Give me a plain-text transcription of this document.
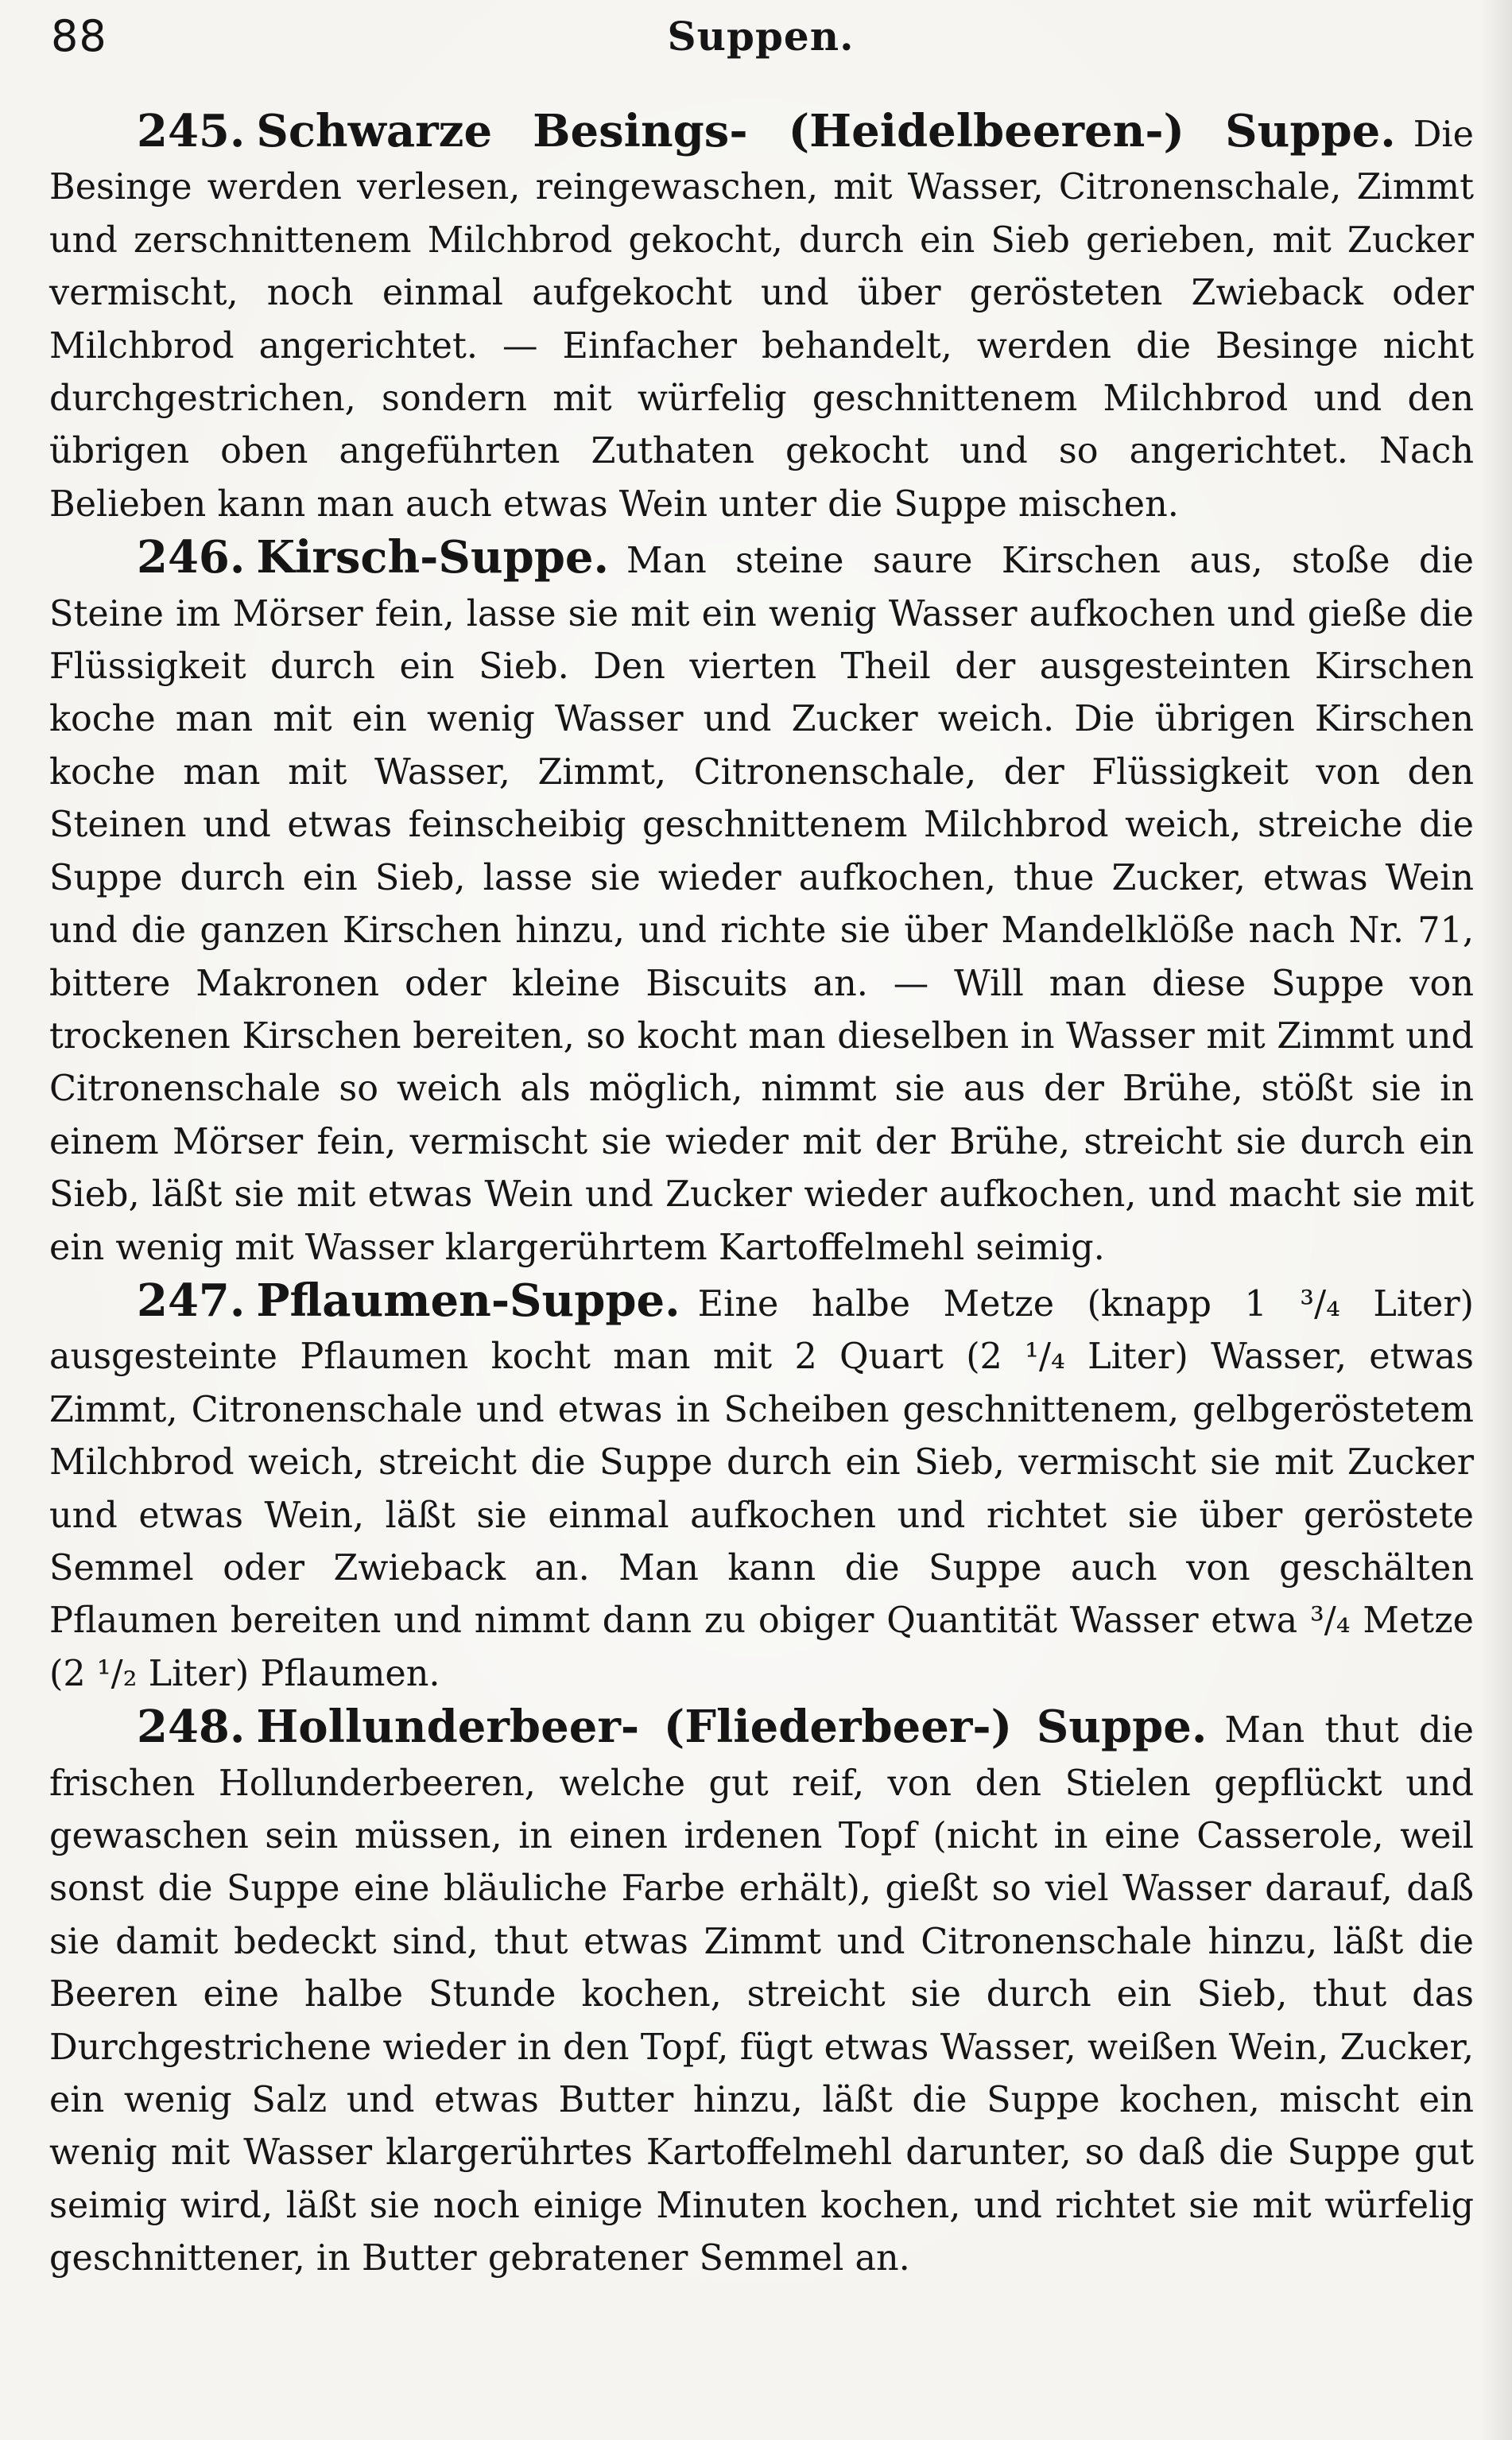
88	Suppen.

245. Schwarze Besings- (Heidelbeeren-) Suppe. Die Besinge werden verlesen, reingewaschen, mit Wasser, Citronenschale, Zimmt und zerschnittenem Milchbrod gekocht, durch ein Sieb gerieben, mit Zucker vermischt, noch einmal aufgekocht und über gerösteten Zwieback oder Milchbrod angerichtet. — Einfacher behandelt, werden die Besinge nicht durchgestrichen, sondern mit würfelig geschnittenem Milchbrod und den übrigen oben angeführten Zuthaten gekocht und so angerichtet. Nach Belieben kann man auch etwas Wein unter die Suppe mischen.

246. Kirsch-Suppe. Man steine saure Kirschen aus, stoße die Steine im Mörser fein, lasse sie mit ein wenig Wasser aufkochen und gieße die Flüssigkeit durch ein Sieb. Den vierten Theil der ausgesteinten Kirschen koche man mit ein wenig Wasser und Zucker weich. Die übrigen Kirschen koche man mit Wasser, Zimmt, Citronenschale, der Flüssigkeit von den Steinen und etwas feinscheibig geschnittenem Milchbrod weich, streiche die Suppe durch ein Sieb, lasse sie wieder aufkochen, thue Zucker, etwas Wein und die ganzen Kirschen hinzu, und richte sie über Mandelklöße nach Nr. 71, bittere Makronen oder kleine Biscuits an. — Will man diese Suppe von trockenen Kirschen bereiten, so kocht man dieselben in Wasser mit Zimmt und Citronenschale so weich als möglich, nimmt sie aus der Brühe, stößt sie in einem Mörser fein, vermischt sie wieder mit der Brühe, streicht sie durch ein Sieb, läßt sie mit etwas Wein und Zucker wieder aufkochen, und macht sie mit ein wenig mit Wasser klargerührtem Kartoffelmehl seimig.

247. Pflaumen-Suppe. Eine halbe Metze (knapp 1 ³/₄ Liter) ausgesteinte Pflaumen kocht man mit 2 Quart (2 ¹/₄ Liter) Wasser, etwas Zimmt, Citronenschale und etwas in Scheiben geschnittenem, gelbgeröstetem Milchbrod weich, streicht die Suppe durch ein Sieb, vermischt sie mit Zucker und etwas Wein, läßt sie einmal aufkochen und richtet sie über geröstete Semmel oder Zwieback an. Man kann die Suppe auch von geschälten Pflaumen bereiten und nimmt dann zu obiger Quantität Wasser etwa ³/₄ Metze (2 ¹/₂ Liter) Pflaumen.

248. Hollunderbeer- (Fliederbeer-) Suppe. Man thut die frischen Hollunderbeeren, welche gut reif, von den Stielen gepflückt und gewaschen sein müssen, in einen irdenen Topf (nicht in eine Casserole, weil sonst die Suppe eine bläuliche Farbe erhält), gießt so viel Wasser darauf, daß sie damit bedeckt sind, thut etwas Zimmt und Citronenschale hinzu, läßt die Beeren eine halbe Stunde kochen, streicht sie durch ein Sieb, thut das Durchgestrichene wieder in den Topf, fügt etwas Wasser, weißen Wein, Zucker, ein wenig Salz und etwas Butter hinzu, läßt die Suppe kochen, mischt ein wenig mit Wasser klargerührtes Kartoffelmehl darunter, so daß die Suppe gut seimig wird, läßt sie noch einige Minuten kochen, und richtet sie mit würfelig geschnittener, in Butter gebratener Semmel an.
